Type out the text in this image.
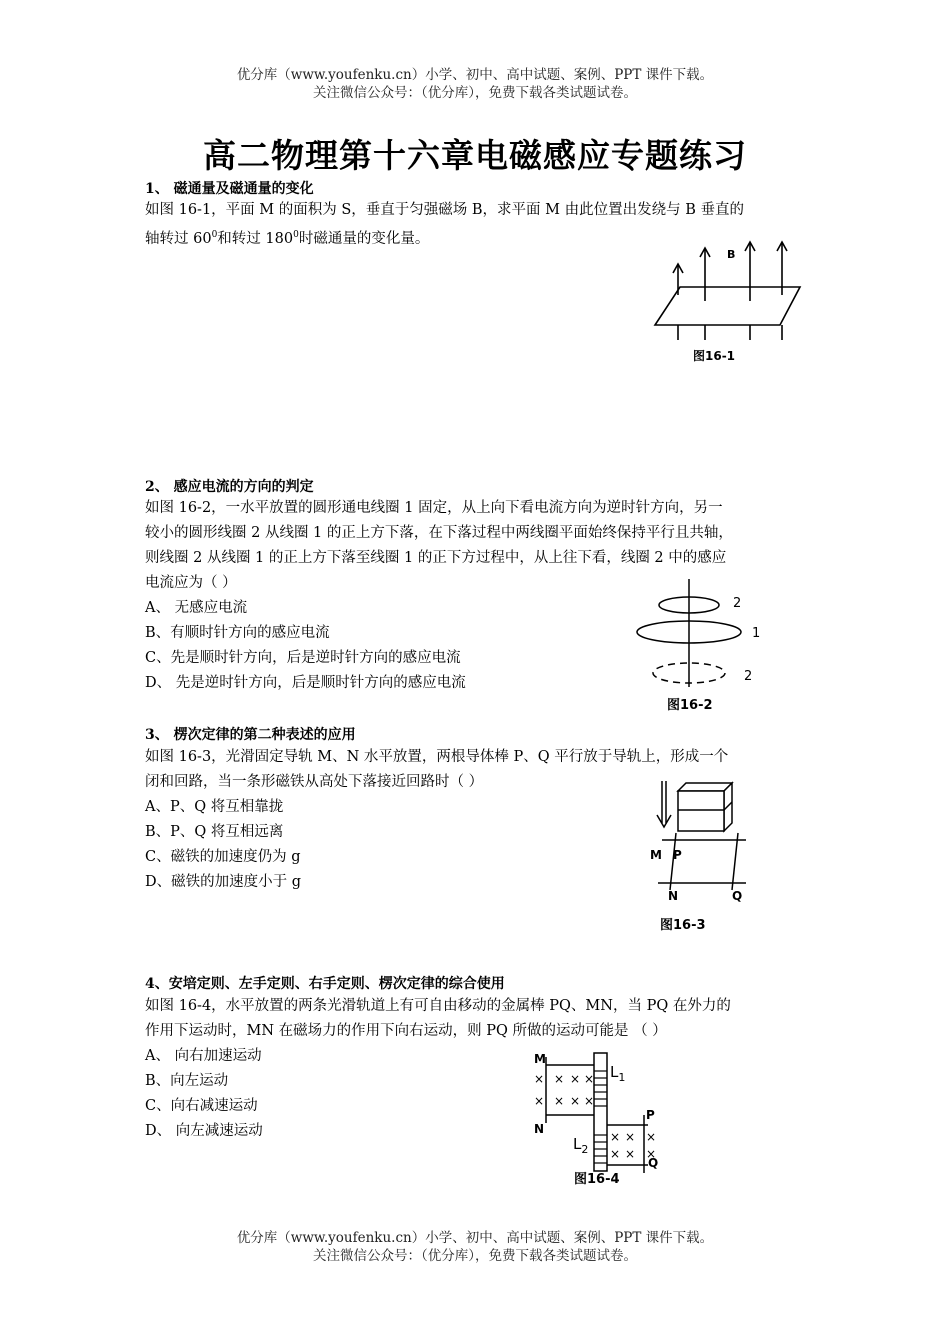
优分库（www.youfenku.cn）小学、初中、高中试题、案例、PPT 课件下载。
关注微信公众号：（优分库），免费下载各类试题试卷。
高二物理第十六章电磁感应专题练习
1、 磁通量及磁通量的变化
如图 16-1，平面 M 的面积为 S，垂直于匀强磁场 B，求平面 M 由此位置出发绕与 B 垂直的
轴转过 $60^0$和转过 $180^0$时磁通量的变化量。
B
图16-1
2、 感应电流的方向的判定
如图 16-2，一水平放置的圆形通电线圈 1 固定，从上向下看电流方向为逆时针方向，另一
较小的圆形线圈 2 从线圈 1 的正上方下落，在下落过程中两线圈平面始终保持平行且共轴，
则线圈 2 从线圈 1 的正上方下落至线圈 1 的正下方过程中，从上往下看，线圈 2 中的感应
电流应为（ ）
A、 无感应电流
B、有顺时针方向的感应电流
C、先是顺时针方向，后是逆时针方向的感应电流
D、 先是逆时针方向，后是顺时针方向的感应电流
2
1
2
图16-2
3、 楞次定律的第二种表述的应用
如图 16-3，光滑固定导轨 M、N 水平放置，两根导体棒 P、Q 平行放于导轨上，形成一个
闭和回路，当一条形磁铁从高处下落接近回路时（ ）
A、P、Q 将互相靠拢
B、P、Q 将互相远离
C、磁铁的加速度仍为 g
D、磁铁的加速度小于 g
M P
N	Q
图16-3
4、安培定则、左手定则、右手定则、楞次定律的综合使用
如图 16-4，水平放置的两条光滑轨道上有可自由移动的金属棒 PQ、MN，当 PQ 在外力的
作用下运动时，MN 在磁场力的作用下向右运动，则 PQ 所做的运动可能是 （ ）
A、 向右加速运动
B、向左运动
C、向右减速运动
D、 向左减速运动
× × × ×
× × × ×
× × ×
× × ×
M
N
P
Q
$L_1$
$L_2$
图16-4
优分库（www.youfenku.cn）小学、初中、高中试题、案例、PPT 课件下载。
关注微信公众号：（优分库），免费下载各类试题试卷。
